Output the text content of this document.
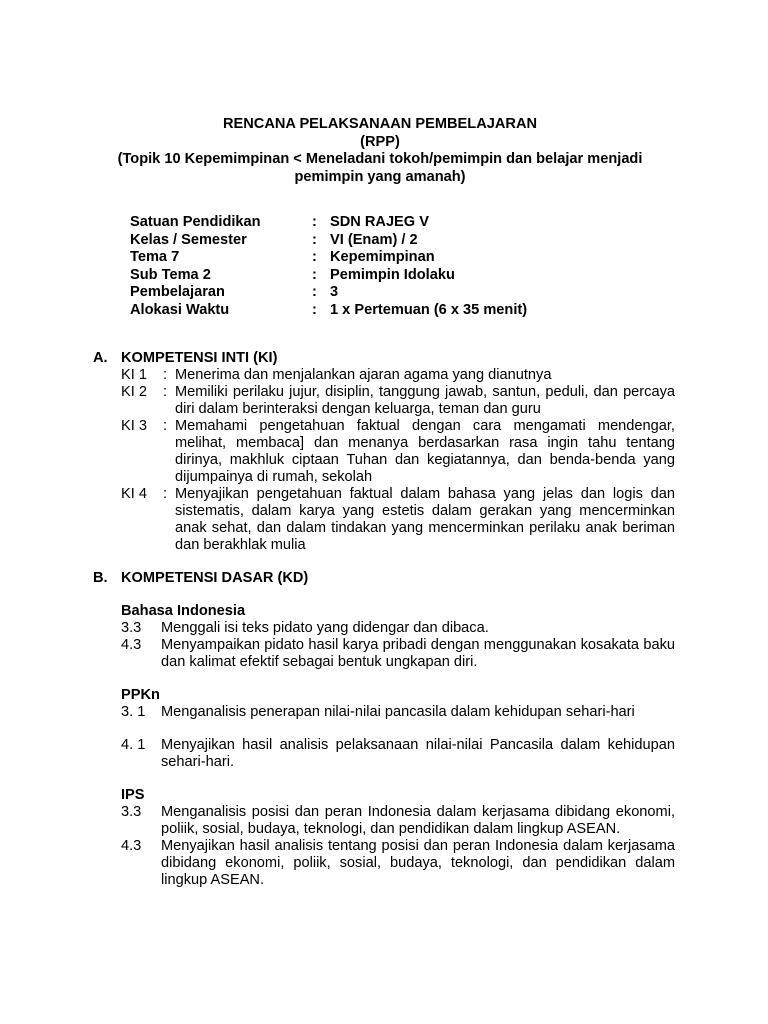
RENCANA PELAKSANAAN PEMBELAJARAN
(RPP)
(Topik 10 Kepemimpinan < Meneladani tokoh/pemimpin dan belajar menjadi
pemimpin yang amanah)
Satuan Pendidikan	: SDN RAJEG V
Kelas / Semester	: VI (Enam) / 2
Tema 7	: Kepemimpinan
Sub Tema 2	: Pemimpin Idolaku
Pembelajaran	: 3
Alokasi Waktu	: 1 x Pertemuan (6 x 35 menit)
A. KOMPETENSI INTI (KI)
KI 1	: Menerima dan menjalankan ajaran agama yang dianutnya
KI 2	: Memiliki perilaku jujur, disiplin, tanggung jawab, santun, peduli, dan percaya diri dalam berinteraksi dengan keluarga, teman dan guru
KI 3	: Memahami pengetahuan faktual dengan cara mengamati mendengar, melihat, membaca] dan menanya berdasarkan rasa ingin tahu tentang dirinya, makhluk ciptaan Tuhan dan kegiatannya, dan benda-benda yang dijumpainya di rumah, sekolah
KI 4	: Menyajikan pengetahuan faktual dalam bahasa yang jelas dan logis dan sistematis, dalam karya yang estetis dalam gerakan yang mencerminkan anak sehat, dan dalam tindakan yang mencerminkan perilaku anak beriman dan berakhlak mulia
B. KOMPETENSI DASAR (KD)
Bahasa Indonesia
3.3	Menggali isi teks pidato yang didengar dan dibaca.
4.3	Menyampaikan pidato hasil karya pribadi dengan menggunakan kosakata baku dan kalimat efektif sebagai bentuk ungkapan diri.
PPKn
3. 1	Menganalisis penerapan nilai-nilai pancasila dalam kehidupan sehari-hari
4. 1	Menyajikan hasil analisis pelaksanaan nilai-nilai Pancasila dalam kehidupan sehari-hari.
IPS
3.3	Menganalisis posisi dan peran Indonesia dalam kerjasama dibidang ekonomi, poliik, sosial, budaya, teknologi, dan pendidikan dalam lingkup ASEAN.
4.3	Menyajikan hasil analisis tentang posisi dan peran Indonesia dalam kerjasama dibidang ekonomi, poliik, sosial, budaya, teknologi, dan pendidikan dalam lingkup ASEAN.
